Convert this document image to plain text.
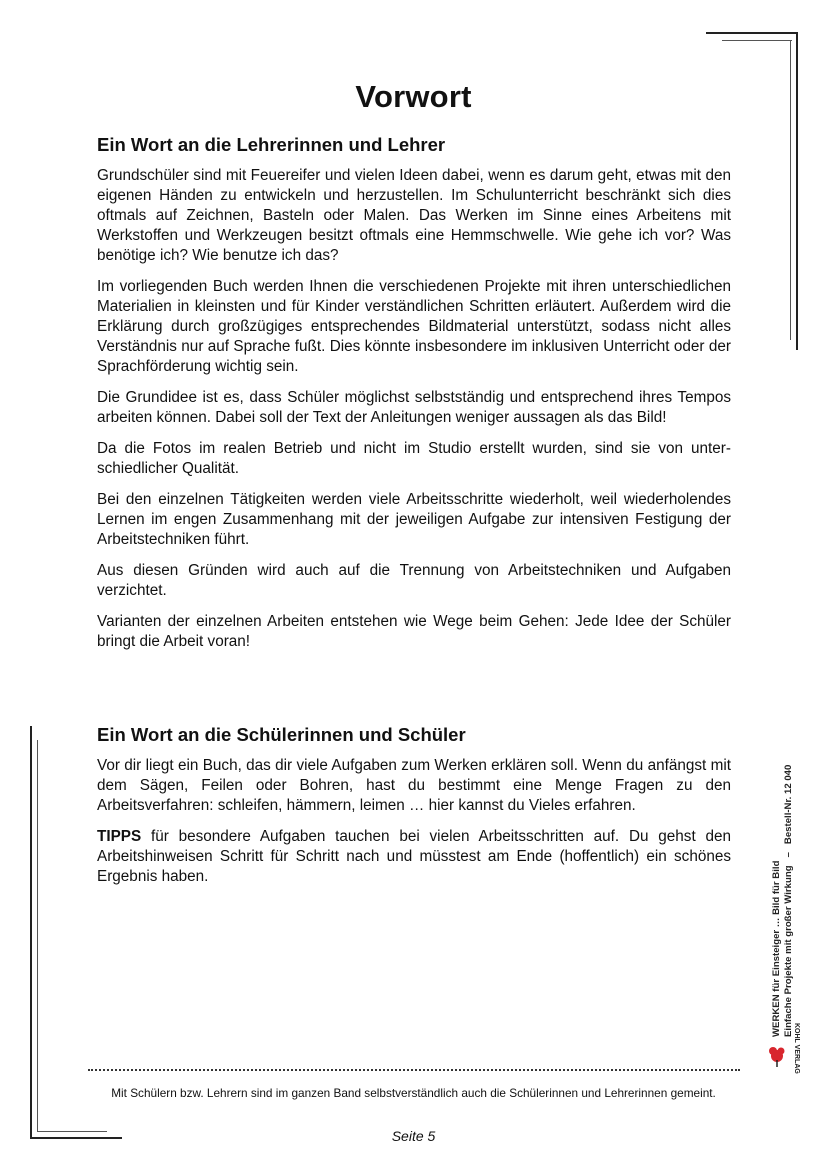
Vorwort
Ein Wort an die Lehrerinnen und Lehrer

Grundschüler sind mit Feuereifer und vielen Ideen dabei, wenn es darum geht, etwas mit den eigenen Händen zu entwickeln und herzustellen. Im Schulunterricht beschränkt sich dies oftmals auf Zeichnen, Basteln oder Malen. Das Werken im Sinne eines Arbeitens mit Werkstoffen und Werkzeugen besitzt oftmals eine Hemmschwelle. Wie gehe ich vor? Was benötige ich? Wie benutze ich das?

Im vorliegenden Buch werden Ihnen die verschiedenen Projekte mit ihren unterschiedlichen Materialien in kleinsten und für Kinder verständlichen Schritten erläutert. Außerdem wird die Erklärung durch großzügiges entsprechendes Bildmaterial unterstützt, sodass nicht alles Verständnis nur auf Sprache fußt. Dies könnte insbesondere im inklusiven Unterricht oder der Sprachförderung wichtig sein.

Die Grundidee ist es, dass Schüler möglichst selbstständig und entsprechend ihres Tempos arbeiten können. Dabei soll der Text der Anleitungen weniger aussagen als das Bild!

Da die Fotos im realen Betrieb und nicht im Studio erstellt wurden, sind sie von unterschiedlicher Qualität.

Bei den einzelnen Tätigkeiten werden viele Arbeitsschritte wiederholt, weil wiederholendes Lernen im engen Zusammenhang mit der jeweiligen Aufgabe zur intensiven Festigung der Arbeitstechniken führt.

Aus diesen Gründen wird auch auf die Trennung von Arbeitstechniken und Aufgaben verzichtet.

Varianten der einzelnen Arbeiten entstehen wie Wege beim Gehen: Jede Idee der Schüler bringt die Arbeit voran!

Ein Wort an die Schülerinnen und Schüler

Vor dir liegt ein Buch, das dir viele Aufgaben zum Werken erklären soll. Wenn du anfängst mit dem Sägen, Feilen oder Bohren, hast du bestimmt eine Menge Fragen zu den Arbeitsverfahren: schleifen, hämmern, leimen … hier kannst du Vieles erfahren.

TIPPS für besondere Aufgaben tauchen bei vielen Arbeitsschritten auf. Du gehst den Arbeitshinweisen Schritt für Schritt nach und müsstest am Ende (hoffentlich) ein schönes Ergebnis haben.	WERKEN für Einsteiger … Bild für Bild Einfache Projekte mit großer Wirkung   –   Bestell-Nr. 12 040
KOHL VERLAG
Mit Schülern bzw. Lehrern sind im ganzen Band selbstverständlich auch die Schülerinnen und Lehrerinnen gemeint.
Seite 5
